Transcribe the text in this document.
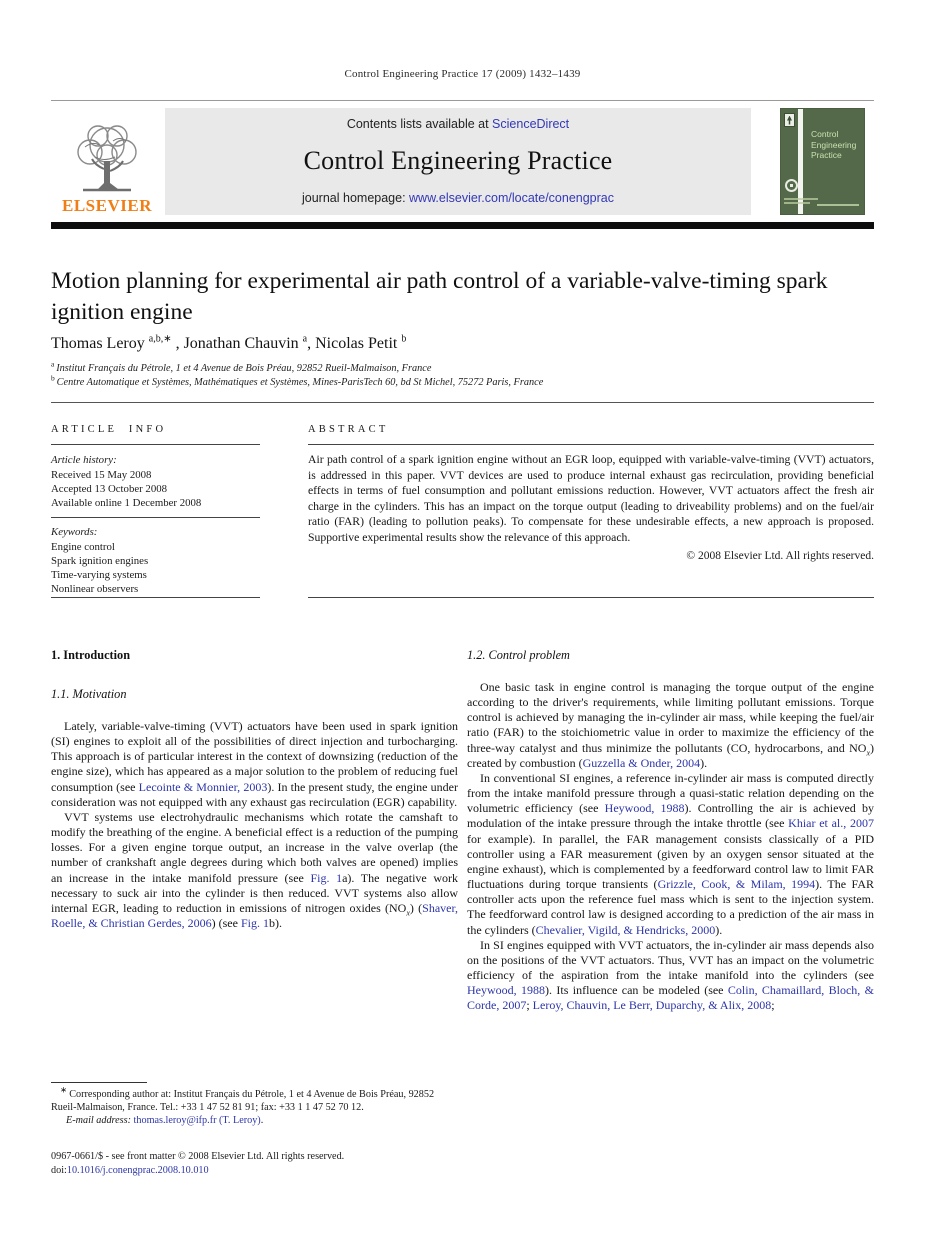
Control Engineering Practice 17 (2009) 1432–1439
ELSEVIER
Contents lists available at ScienceDirect
Control Engineering Practice
journal homepage: www.elsevier.com/locate/conengprac
Control
Engineering
Practice
Motion planning for experimental air path control of a variable-valve-timing spark ignition engine
Thomas Leroy $^{a,b,∗}$ , Jonathan Chauvin $^a$, Nicolas Petit $^b$
$^a$ Institut Français du Pétrole, 1 et 4 Avenue de Bois Préau, 92852 Rueil-Malmaison, France
$^b$ Centre Automatique et Systèmes, Mathématiques et Systèmes, Mines-ParisTech 60, bd St Michel, 75272 Paris, France
ARTICLE INFO
Article history:
Received 15 May 2008
Accepted 13 October 2008
Available online 1 December 2008
Keywords:
Engine control
Spark ignition engines
Time-varying systems
Nonlinear observers
ABSTRACT
Air path control of a spark ignition engine without an EGR loop, equipped with variable-valve-timing (VVT) actuators, is addressed in this paper. VVT devices are used to produce internal exhaust gas recirculation, providing beneficial effects in terms of fuel consumption and pollutant emissions reduction. However, VVT actuators affect the fresh air charge in the cylinders. This has an impact on the torque output (leading to driveability problems) and on the fuel/air ratio (FAR) (leading to pollution peaks). To compensate for these undesirable effects, a new approach is proposed. Supportive experimental results show the relevance of this approach.
© 2008 Elsevier Ltd. All rights reserved.
1. Introduction
1.1. Motivation

Lately, variable-valve-timing (VVT) actuators have been used in spark ignition (SI) engines to exploit all of the possibilities of direct injection and turbocharging. This approach is of particular interest in the context of downsizing (reduction of the engine size), which has appeared as a major solution to the problem of reducing fuel consumption (see Lecointe & Monnier, 2003). In the present study, the engine under consideration was not equipped with any exhaust gas recirculation (EGR) capability.

VVT systems use electrohydraulic mechanisms which rotate the camshaft to modify the breathing of the engine. A beneficial effect is a reduction of the pumping losses. For a given engine torque output, an increase in the valve overlap (the number of crankshaft angle degrees during which both valves are opened) implies an increase in the intake manifold pressure (see Fig. 1a). The negative work necessary to suck air into the cylinder is then reduced. VVT systems also allow internal EGR, leading to reduction in emissions of nitrogen oxides $(NO_x)$ (Shaver, Roelle, & Christian Gerdes, 2006) (see Fig. 1b).

1.2. Control problem

One basic task in engine control is managing the torque output of the engine according to the driver's requirements, while limiting pollutant emissions. Torque control is achieved by managing the in-cylinder air mass, while keeping the fuel/air ratio (FAR) to the stoichiometric value in order to maximize the efficiency of the three-way catalyst and thus minimize the pollutants (CO, hydrocarbons, and $NO_x$) created by combustion (Guzzella & Onder, 2004).

In conventional SI engines, a reference in-cylinder air mass is computed directly from the intake manifold pressure through a quasi-static relation depending on the volumetric efficiency (see Heywood, 1988). Controlling the air is achieved by modulation of the intake pressure through the intake throttle (see Khiar et al., 2007 for example). In parallel, the FAR management consists classically of a PID controller using a FAR measurement (given by an oxygen sensor situated at the engine exhaust), which is complemented by a feedforward control law to limit FAR fluctuations during torque transients (Grizzle, Cook, & Milam, 1994). The FAR controller acts upon the reference fuel mass which is sent to the injection system. The feedforward control law is designed according to a prediction of the air mass in the cylinders (Chevalier, Vigild, & Hendricks, 2000).

In SI engines equipped with VVT actuators, the in-cylinder air mass depends also on the positions of the VVT actuators. Thus, VVT has an impact on the volumetric efficiency of the aspiration from the intake manifold into the cylinders (see Heywood, 1988). Its influence can be modeled (see Colin, Chamaillard, Bloch, & Corde, 2007; Leroy, Chauvin, Le Berr, Duparchy, & Alix, 2008;

∗ Corresponding author at: Institut Français du Pétrole, 1 et 4 Avenue de Bois Préau, 92852 Rueil-Malmaison, France. Tel.: +33 1 47 52 81 91; fax: +33 1 1 47 52 70 12.
E-mail address: thomas.leroy@ifp.fr (T. Leroy).
0967-0661/$ - see front matter © 2008 Elsevier Ltd. All rights reserved.
doi:10.1016/j.conengprac.2008.10.010
